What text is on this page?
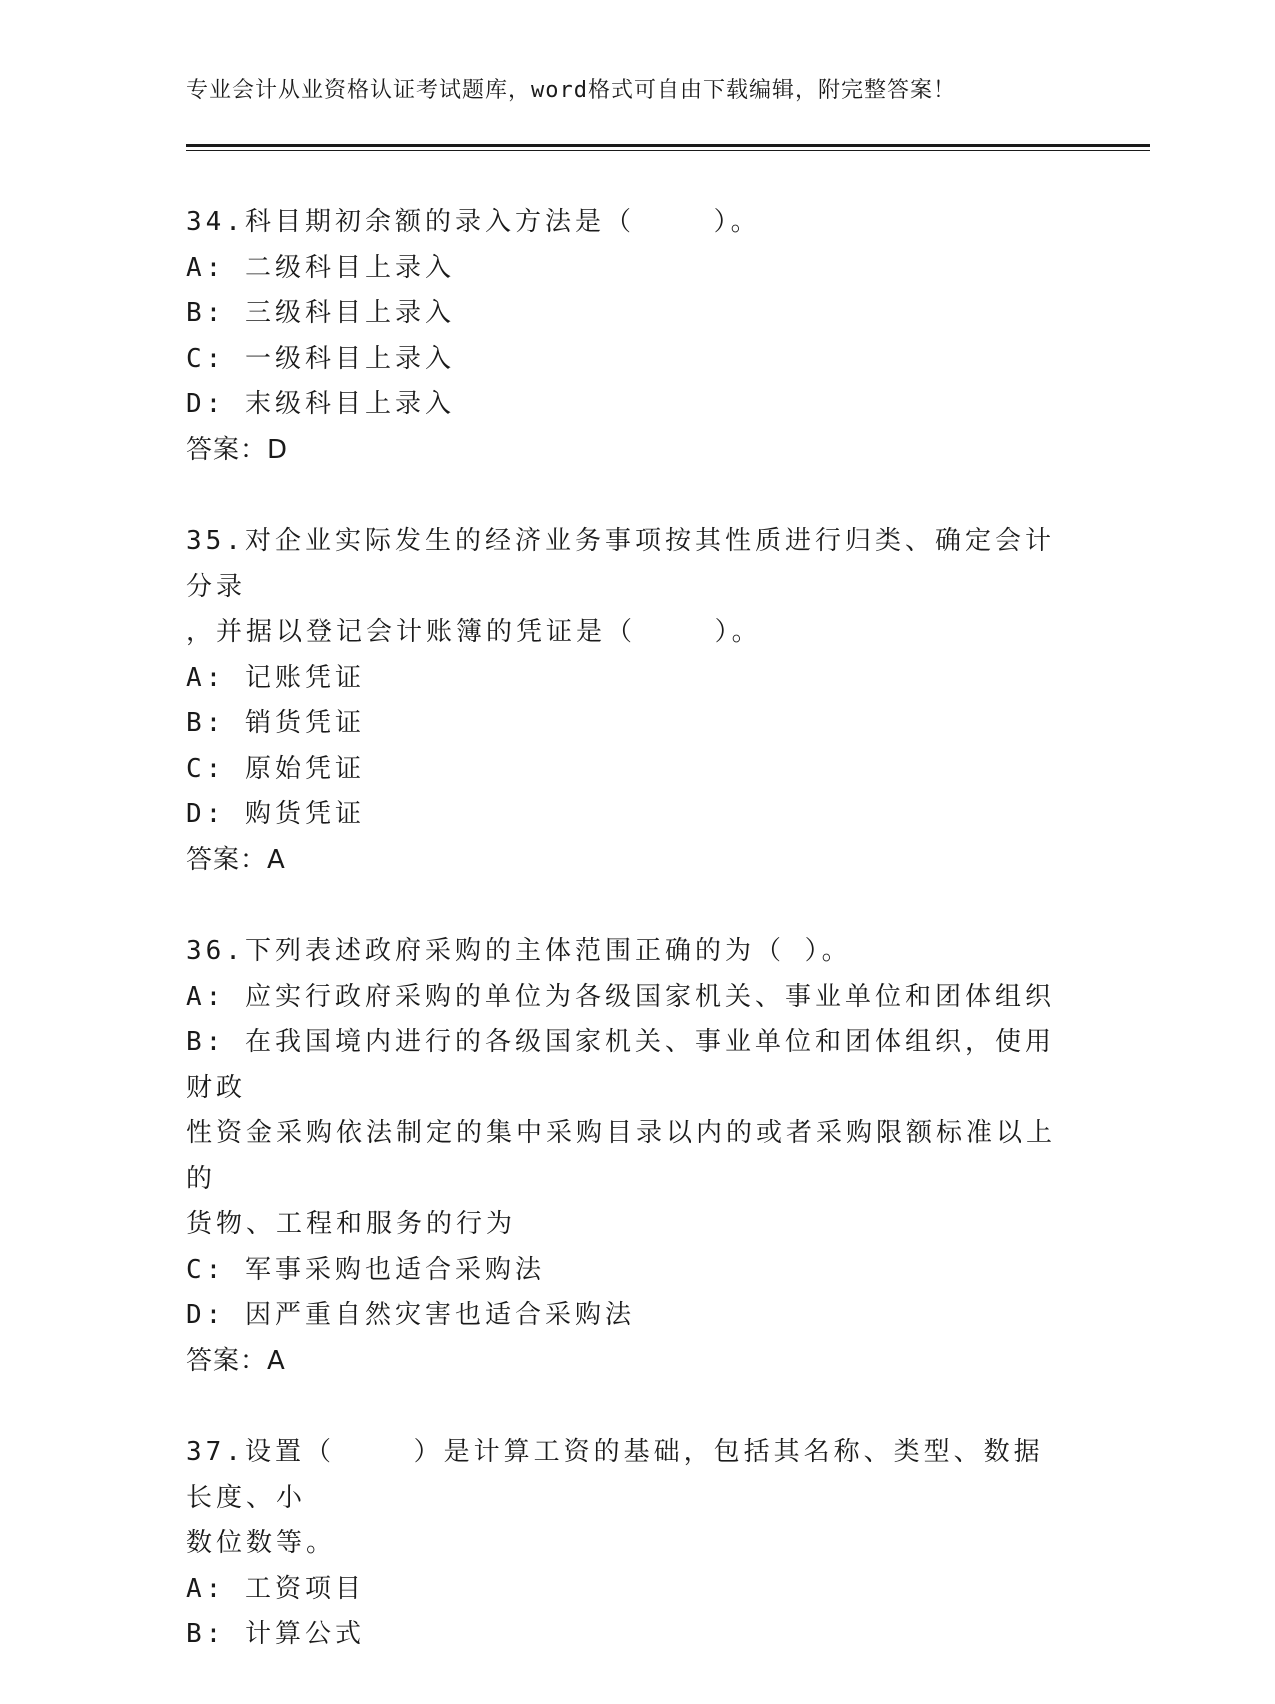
专业会计从业资格认证考试题库，word格式可自由下载编辑，附完整答案！
34.科目期初余额的录入方法是（    ）。
A: 二级科目上录入
B: 三级科目上录入
C: 一级科目上录入
D: 末级科目上录入
答案：D
35.对企业实际发生的经济业务事项按其性质进行归类、确定会计分录
，并据以登记会计账簿的凭证是（    ）。
A: 记账凭证
B: 销货凭证
C: 原始凭证
D: 购货凭证
答案：A
36.下列表述政府采购的主体范围正确的为（ ）。
A: 应实行政府采购的单位为各级国家机关、事业单位和团体组织
B: 在我国境内进行的各级国家机关、事业单位和团体组织，使用财政
性资金采购依法制定的集中采购目录以内的或者采购限额标准以上的
货物、工程和服务的行为
C: 军事采购也适合采购法
D: 因严重自然灾害也适合采购法
答案：A
37.设置（    ）是计算工资的基础，包括其名称、类型、数据长度、小
数位数等。
A: 工资项目
B: 计算公式
